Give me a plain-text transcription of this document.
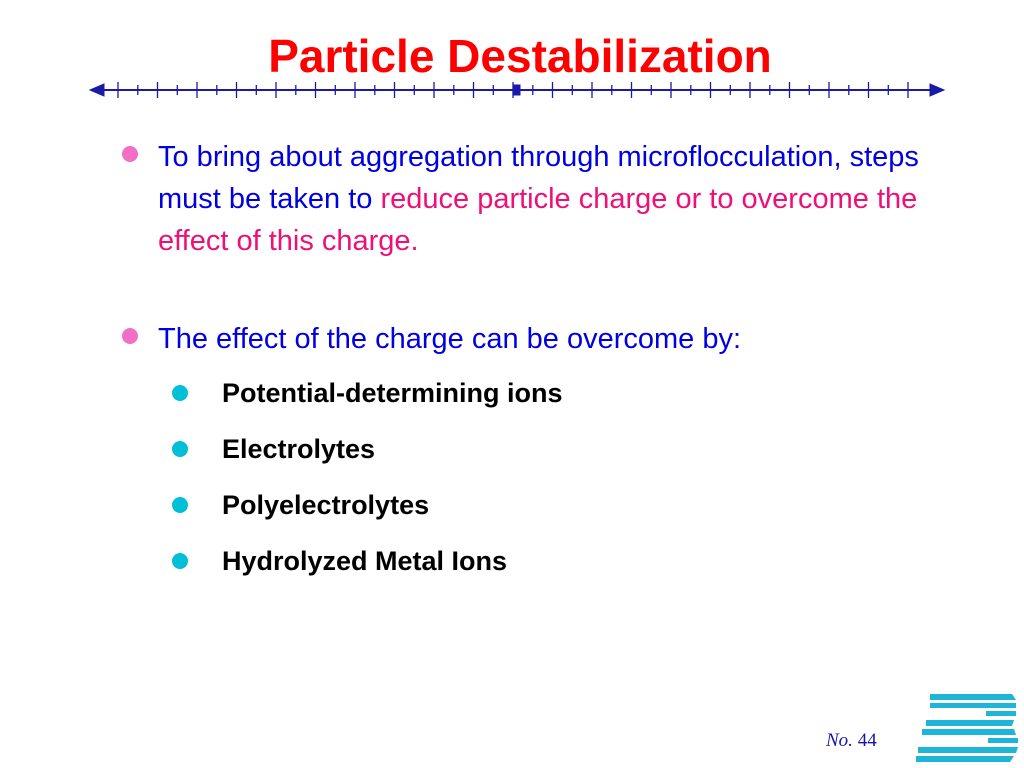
Particle Destabilization
To bring about aggregation through microflocculation, steps must be taken to reduce particle charge or to overcome the effect of this charge.
The effect of the charge can be overcome by:
Potential-determining ions
Electrolytes
Polyelectrolytes
Hydrolyzed Metal Ions
No. 44
